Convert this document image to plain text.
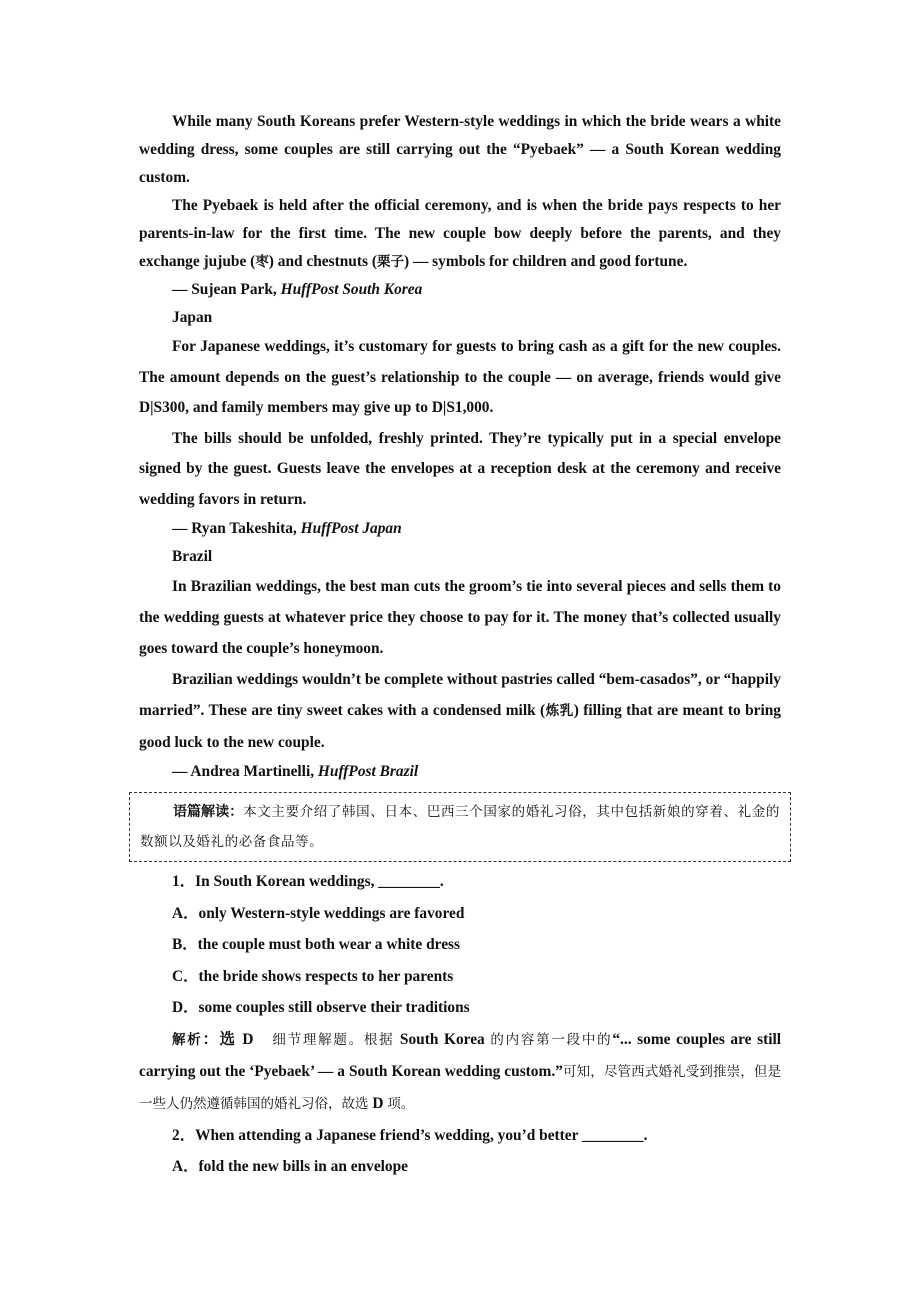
While many South Koreans prefer Western-style weddings in which the bride wears a white wedding dress, some couples are still carrying out the “Pyebaek” — a South Korean wedding custom.

The Pyebaek is held after the official ceremony, and is when the bride pays respects to her parents-in-law for the first time. The new couple bow deeply before the parents, and they exchange jujube (枣) and chestnuts (栗子) — symbols for children and good fortune.

— Sujean Park, HuffPost South Korea

Japan

For Japanese weddings, it’s customary for guests to bring cash as a gift for the new couples. The amount depends on the guest’s relationship to the couple — on average, friends would give D|S300, and family members may give up to D|S1,000.

The bills should be unfolded, freshly printed. They’re typically put in a special envelope signed by the guest. Guests leave the envelopes at a reception desk at the ceremony and receive wedding favors in return.

— Ryan Takeshita, HuffPost Japan

Brazil

In Brazilian weddings, the best man cuts the groom’s tie into several pieces and sells them to the wedding guests at whatever price they choose to pay for it. The money that’s collected usually goes toward the couple’s honeymoon.

Brazilian weddings wouldn’t be complete without pastries called “bem-casados”, or “happily married”. These are tiny sweet cakes with a condensed milk (炼乳) filling that are meant to bring good luck to the new couple.

— Andrea Martinelli, HuffPost Brazil

语篇解读：本文主要介绍了韩国、日本、巴西三个国家的婚礼习俗，其中包括新娘的穿着、礼金的数额以及婚礼的必备食品等。

1．In South Korean weddings, ________.

A．only Western-style weddings are favored

B．the couple must both wear a white dress

C．the bride shows respects to her parents

D．some couples still observe their traditions

解析：选 D　细节理解题。根据 South Korea 的内容第一段中的“... some couples are still carrying out the ‘Pyebaek’ — a South Korean wedding custom.”可知，尽管西式婚礼受到推崇，但是一些人仍然遵循韩国的婚礼习俗，故选 D 项。

2．When attending a Japanese friend’s wedding, you’d better ________.

A．fold the new bills in an envelope
